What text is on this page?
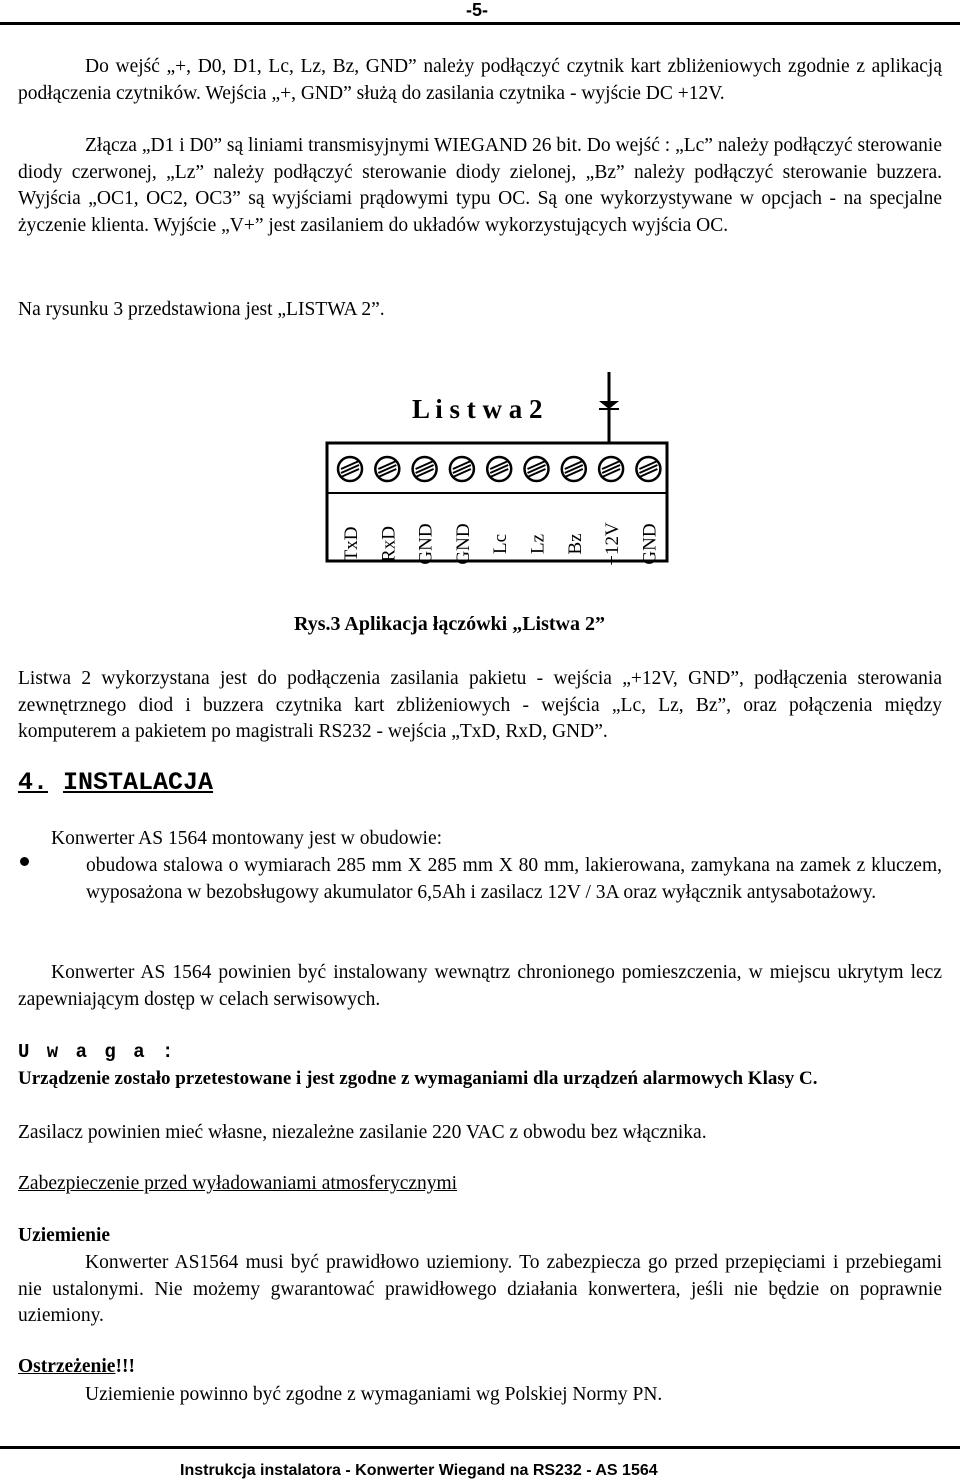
-5-

Do wejść „+, D0, D1, Lc, Lz, Bz, GND” należy podłączyć czytnik kart zbliżeniowych zgodnie z aplikacją podłączenia czytników. Wejścia „+, GND” służą do zasilania czytnika - wyjście DC +12V.

Złącza „D1 i D0” są liniami transmisyjnymi WIEGAND 26 bit. Do wejść : „Lc” należy podłączyć sterowanie diody czerwonej, „Lz” należy podłączyć sterowanie diody zielonej, „Bz” należy podłączyć sterowanie buzzera. Wyjścia „OC1, OC2, OC3” są wyjściami prądowymi typu OC. Są one wykorzystywane w opcjach - na specjalne życzenie klienta. Wyjście „V+” jest zasilaniem do układów wykorzystujących wyjścia OC.

Na rysunku 3 przedstawiona jest „LISTWA 2”.
L i s t w a 2
TxD RxD GND GND Lc Lz Bz +12V GND
Rys.3 Aplikacja łączówki „Listwa 2”

Listwa 2 wykorzystana jest do podłączenia zasilania pakietu - wejścia „+12V, GND”, podłączenia sterowania zewnętrznego diod i buzzera czytnika kart zbliżeniowych - wejścia „Lc, Lz, Bz”, oraz połączenia między komputerem a pakietem po magistrali RS232 - wejścia „TxD, RxD, GND”.

4. INSTALACJA
Konwerter AS 1564 montowany jest w obudowie:
obudowa stalowa o wymiarach 285 mm X 285 mm X 80 mm, lakierowana, zamykana na zamek z kluczem, wyposażona w bezobsługowy akumulator 6,5Ah i zasilacz 12V / 3A oraz wyłącznik antysabotażowy.

Konwerter AS 1564 powinien być instalowany wewnątrz chronionego pomieszczenia, w miejscu ukrytym lecz zapewniającym dostęp w celach serwisowych.

U w a g a :
Urządzenie zostało przetestowane i jest zgodne z wymaganiami dla urządzeń alarmowych Klasy C.
Zasilacz powinien mieć własne, niezależne zasilanie 220 VAC z obwodu bez włącznika.
Zabezpieczenie przed wyładowaniami atmosferycznymi
Uziemienie

Konwerter AS1564 musi być prawidłowo uziemiony. To zabezpiecza go przed przepięciami i przebiegami nie ustalonymi. Nie możemy gwarantować prawidłowego działania konwertera, jeśli nie będzie on poprawnie uziemiony.

Ostrzeżenie!!!
Uziemienie powinno być zgodne z wymaganiami wg Polskiej Normy PN.
Instrukcja instalatora - Konwerter Wiegand na RS232 - AS 1564
